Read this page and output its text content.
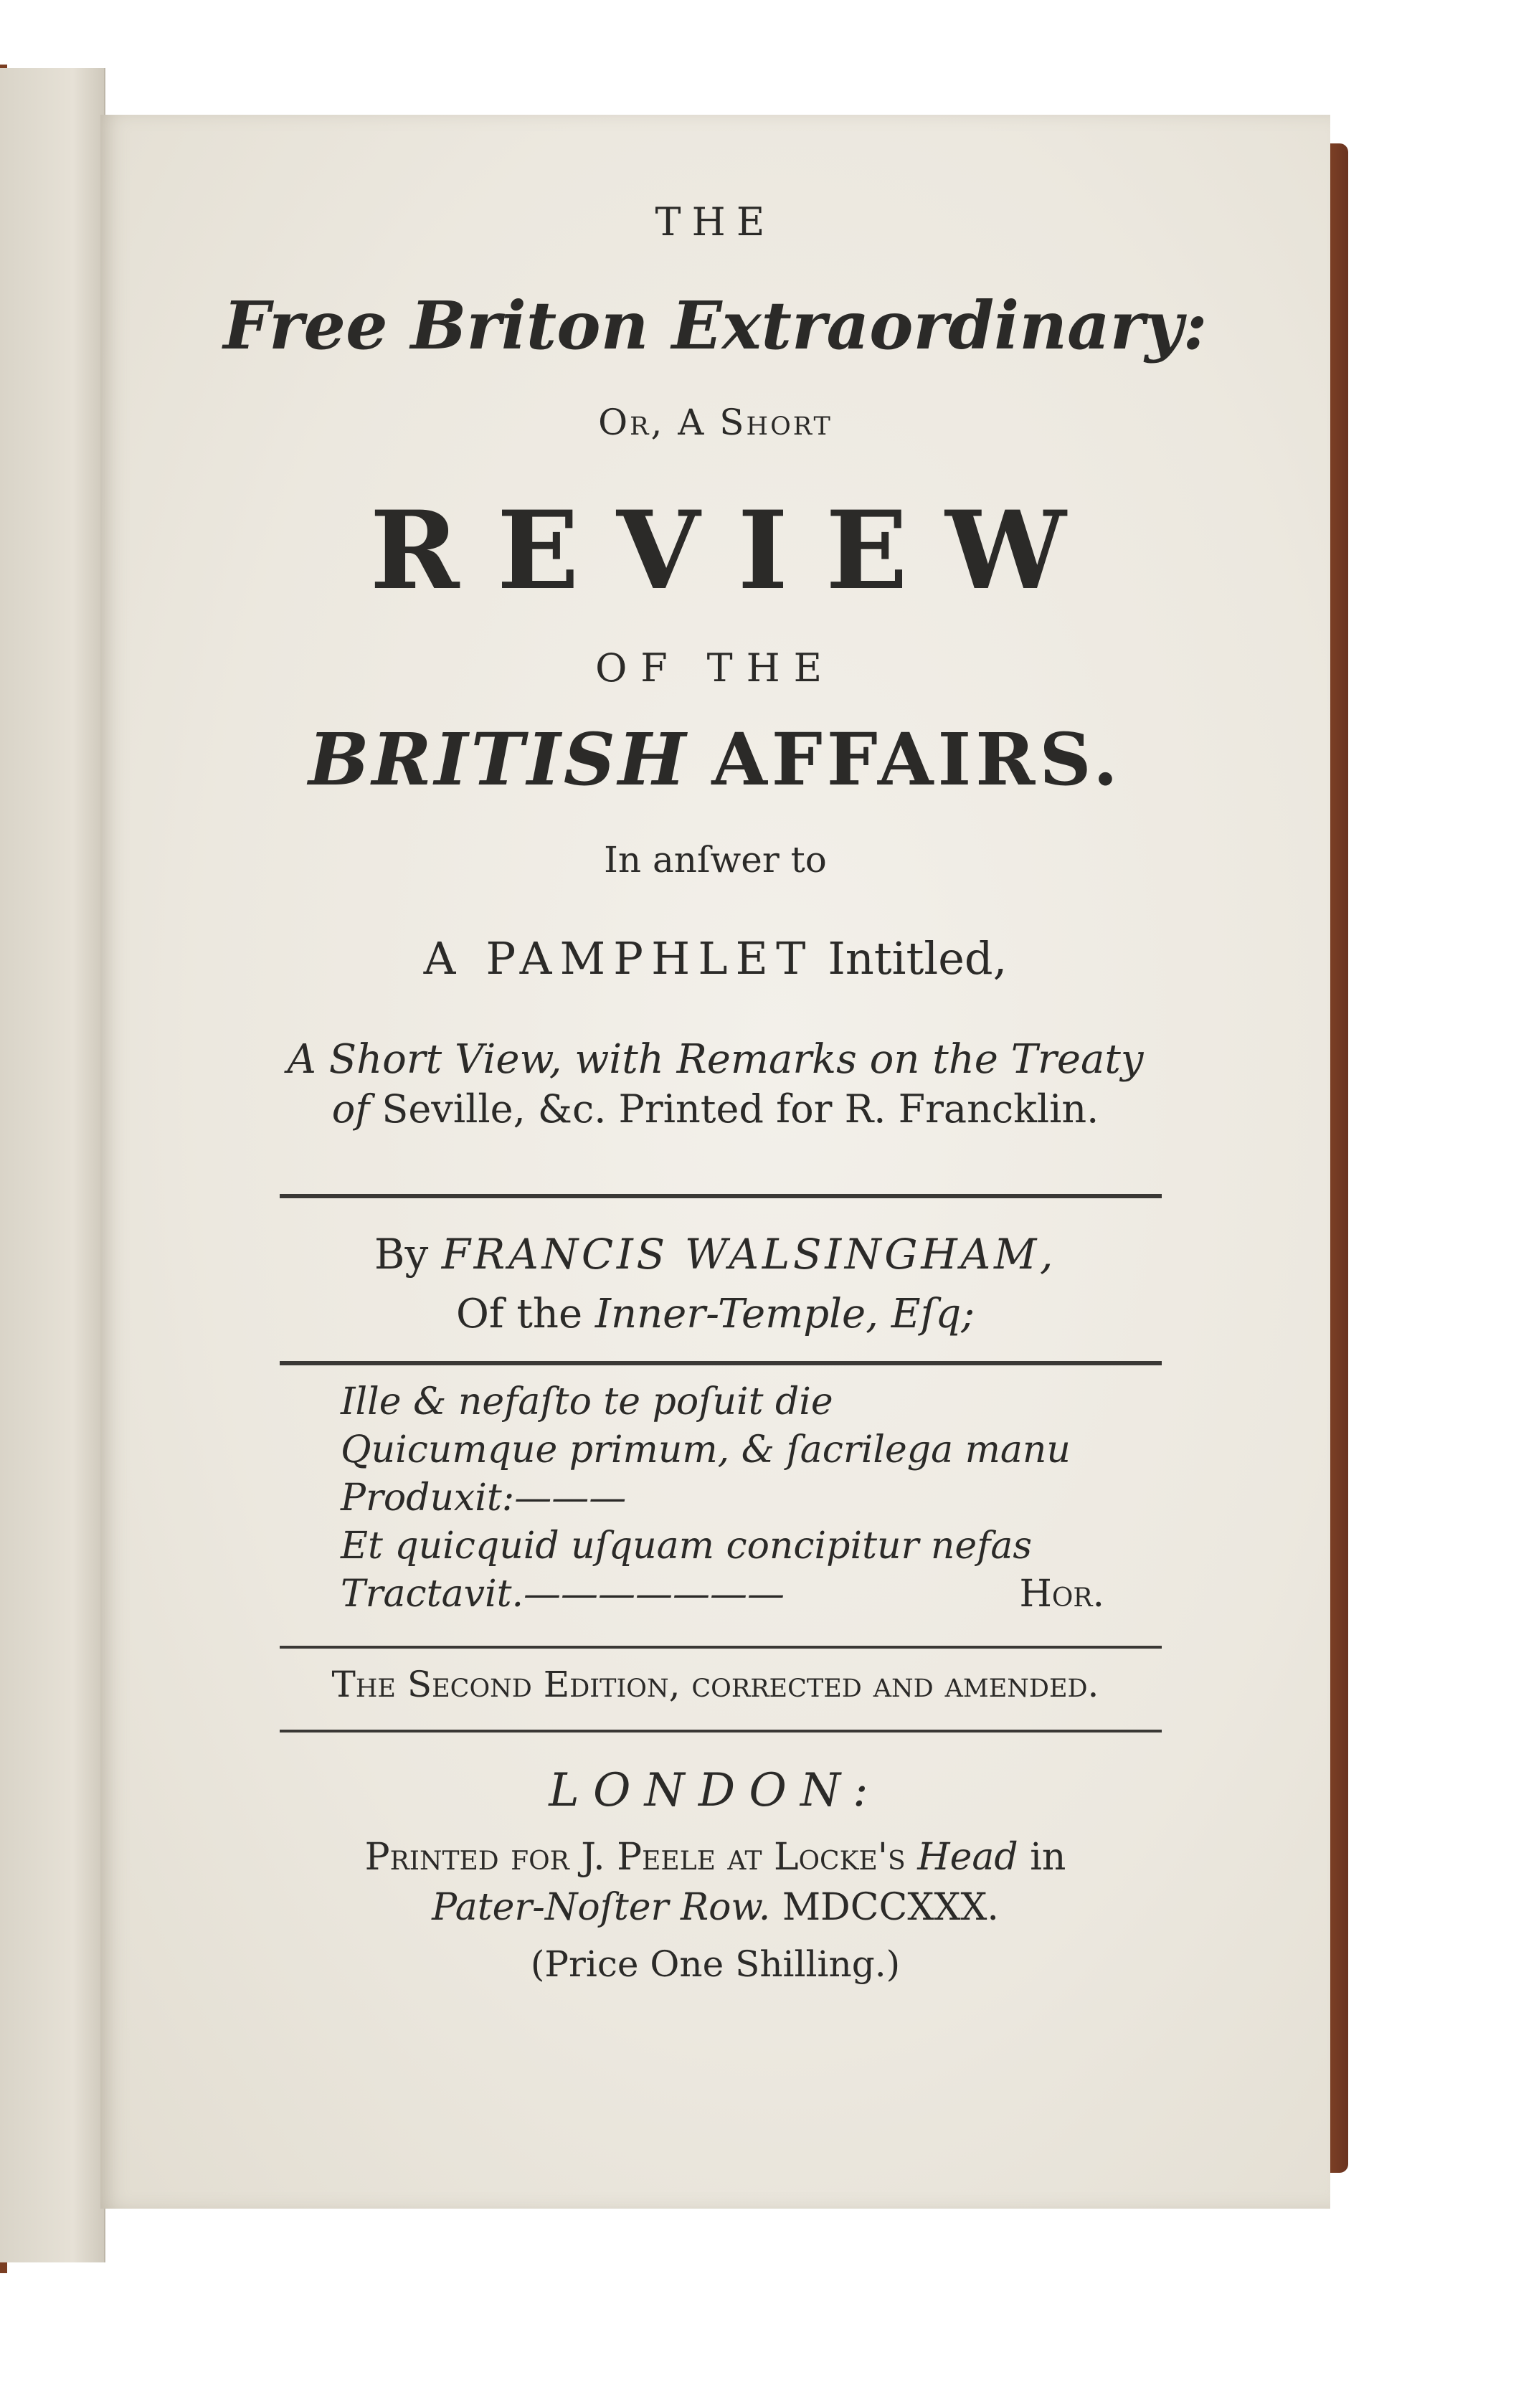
THE
Free Briton Extraordinary:
Or, A Short
REVIEW
OF THE
BRITISH AFFAIRS.
In anſwer to
A PAMPHLET Intitled,
A Short View, with Remarks on the Treaty
of Seville, &c. Printed for R. Francklin.
By FRANCIS WALSINGHAM,
Of the Inner-Temple, Eſq;
Ille & nefaſto te poſuit die
Quicumque primum, & ſacrilega manu
Produxit:———
Et quicquid uſquam concipitur nefas
Tractavit.———————	Hor.
The Second Edition, corrected and amended.
LONDON:
Printed for J. Peele at Locke's Head in
Pater-Noſter Row. MDCCXXX.
(Price One Shilling.)
